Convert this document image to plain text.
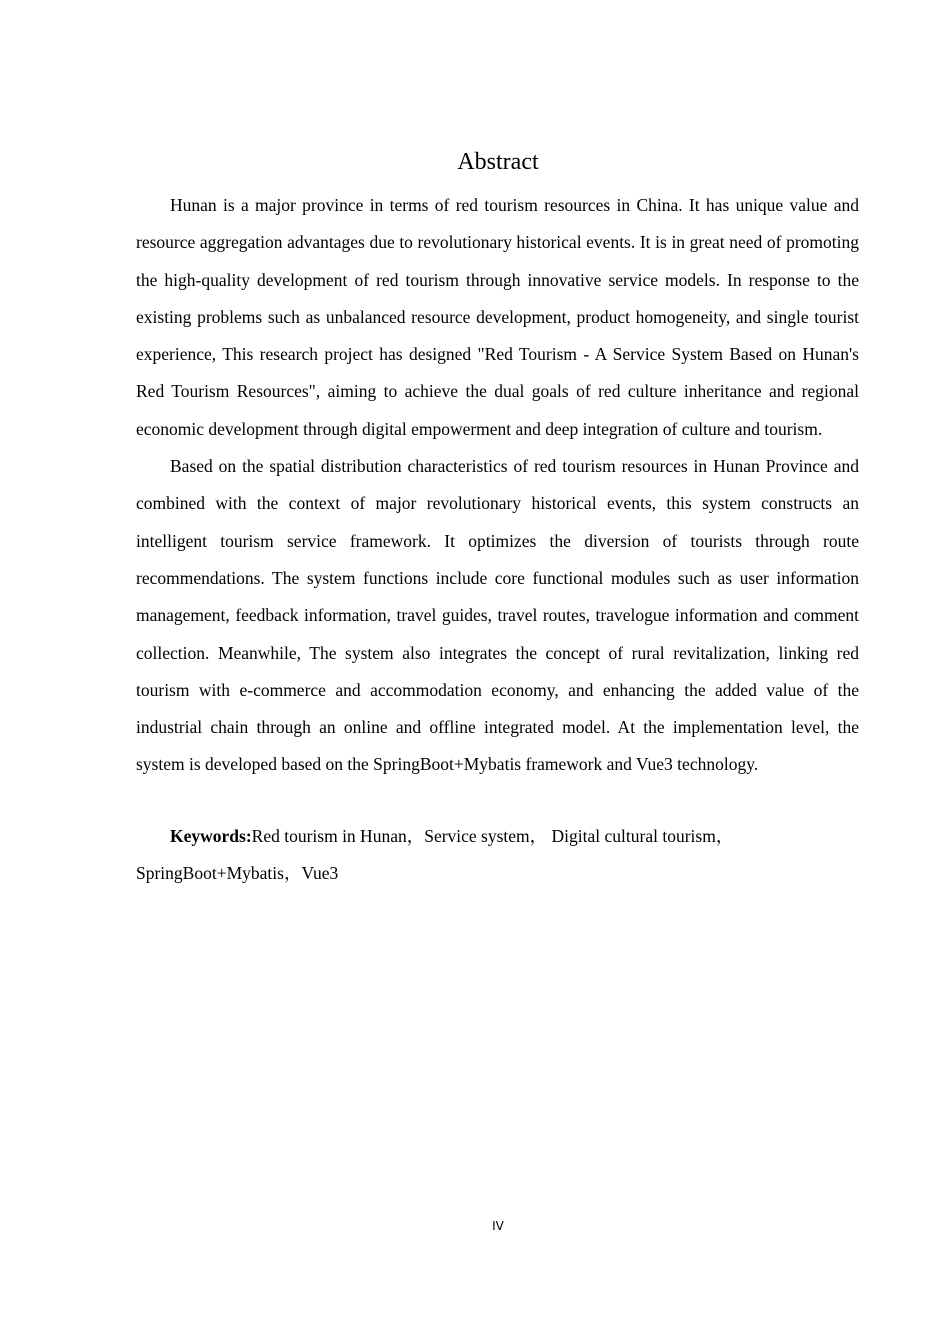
Abstract

Hunan is a major province in terms of red tourism resources in China. It has unique value and resource aggregation advantages due to revolutionary historical events. It is in great need of promoting the high-quality development of red tourism through innovative service models. In response to the existing problems such as unbalanced resource development, product homogeneity, and single tourist experience, This research project has designed "Red Tourism - A Service System Based on Hunan's Red Tourism Resources", aiming to achieve the dual goals of red culture inheritance and regional economic development through digital empowerment and deep integration of culture and tourism.

Based on the spatial distribution characteristics of red tourism resources in Hunan Province and combined with the context of major revolutionary historical events, this system constructs an intelligent tourism service framework. It optimizes the diversion of tourists through route recommendations. The system functions include core functional modules such as user information management, feedback information, travel guides, travel routes, travelogue information and comment collection. Meanwhile, The system also integrates the concept of rural revitalization, linking red tourism with e-commerce and accommodation economy, and enhancing the added value of the industrial chain through an online and offline integrated model. At the implementation level, the system is developed based on the SpringBoot+Mybatis framework and Vue3 technology.

Keywords:Red tourism in Hunan，Service system， Digital cultural tourism，SpringBoot+Mybatis，Vue3

IV
